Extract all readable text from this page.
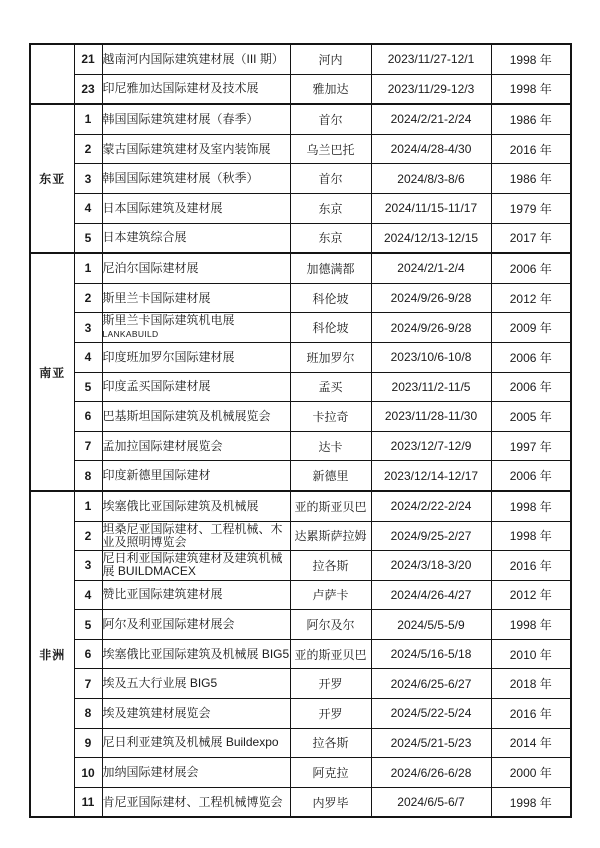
	21	越南河内国际建筑建材展（III 期）	河内	2023/11/27-12/1	1998 年
	23	印尼雅加达国际建材及技术展	雅加达	2023/11/29-12/3	1998 年
东亚	1	韩国国际建筑建材展（春季）	首尔	2024/2/21-2/24	1986 年
	2	蒙古国际建筑建材及室内装饰展	乌兰巴托	2024/4/28-4/30	2016 年
	3	韩国国际建筑建材展（秋季）	首尔	2024/8/3-8/6	1986 年
	4	日本国际建筑及建材展	东京	2024/11/15-11/17	1979 年
	5	日本建筑综合展	东京	2024/12/13-12/15	2017 年
南亚	1	尼泊尔国际建材展	加德满都	2024/2/1-2/4	2006 年
	2	斯里兰卡国际建材展	科伦坡	2024/9/26-9/28	2012 年
	3	斯里兰卡国际建筑机电展 LANKABUILD	科伦坡	2024/9/26-9/28	2009 年
	4	印度班加罗尔国际建材展	班加罗尔	2023/10/6-10/8	2006 年
	5	印度孟买国际建材展	孟买	2023/11/2-11/5	2006 年
	6	巴基斯坦国际建筑及机械展览会	卡拉奇	2023/11/28-11/30	2005 年
	7	孟加拉国际建材展览会	达卡	2023/12/7-12/9	1997 年
	8	印度新德里国际建材	新德里	2023/12/14-12/17	2006 年
非洲	1	埃塞俄比亚国际建筑及机械展	亚的斯亚贝巴	2024/2/22-2/24	1998 年
	2	坦桑尼亚国际建材、工程机械、木业及照明博览会	达累斯萨拉姆	2024/9/25-2/27	1998 年
	3	尼日利亚国际建筑建材及建筑机械展 BUILDMACEX	拉各斯	2024/3/18-3/20	2016 年
	4	赞比亚国际建筑建材展	卢萨卡	2024/4/26-4/27	2012 年
	5	阿尔及利亚国际建材展会	阿尔及尔	2024/5/5-5/9	1998 年
	6	埃塞俄比亚国际建筑及机械展 BIG5	亚的斯亚贝巴	2024/5/16-5/18	2010 年
	7	埃及五大行业展 BIG5	开罗	2024/6/25-6/27	2018 年
	8	埃及建筑建材展览会	开罗	2024/5/22-5/24	2016 年
	9	尼日利亚建筑及机械展 Buildexpo	拉各斯	2024/5/21-5/23	2014 年
	10	加纳国际建材展会	阿克拉	2024/6/26-6/28	2000 年
	11	肯尼亚国际建材、工程机械博览会	内罗毕	2024/6/5-6/7	1998 年
